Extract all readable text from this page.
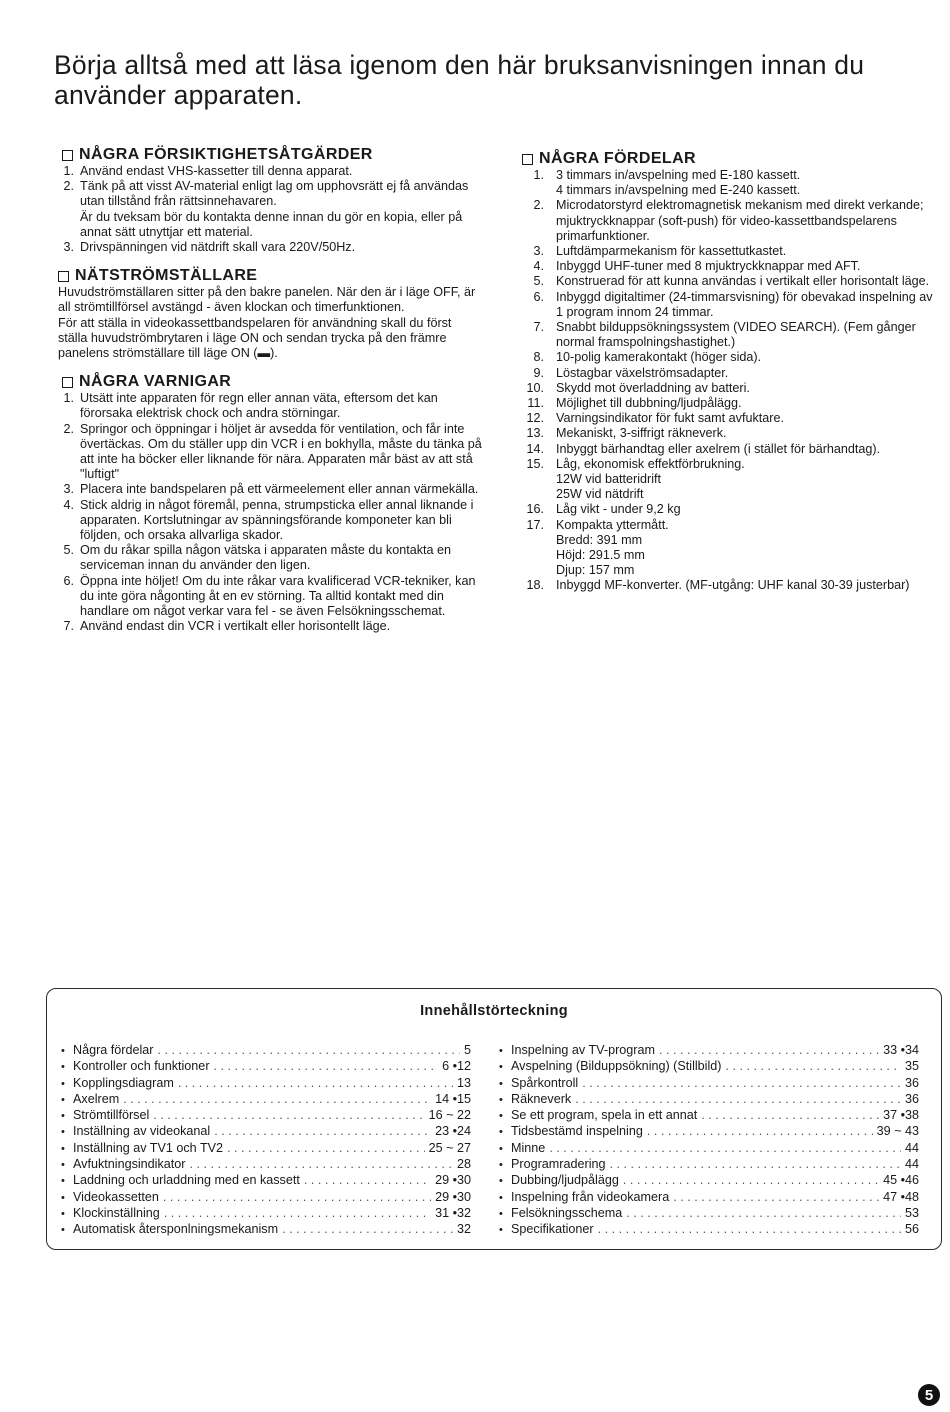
Börja alltså med att läsa igenom den här bruksanvisningen innan du använder apparaten.
NÅGRA FÖRSIKTIGHETSÅTGÄRDER
1. Använd endast VHS-kassetter till denna apparat.
2. Tänk på att visst AV-material enligt lag om upphovsrätt ej få användas utan tillstånd från rättsinnehavaren.
Är du tveksam bör du kontakta denne innan du gör en kopia, eller på annat sätt utnyttjar ett material.
3. Drivspänningen vid nätdrift skall vara 220V/50Hz.
NÄTSTRÖMSTÄLLARE

Huvudströmställaren sitter på den bakre panelen. När den är i läge OFF, är all strömtillförsel avstängd - även klockan och timerfunktionen.

För att ställa in videokassettbandspelaren för användning skall du först ställa huvudströmbrytaren i läge ON och sendan trycka på den främre panelens strömställare till läge ON (▬).

NÅGRA VARNIGAR
1. Utsätt inte apparaten för regn eller annan väta, eftersom det kan förorsaka elektrisk chock och andra störningar.
2. Springor och öppningar i höljet är avsedda för ventilation, och får inte övertäckas. Om du ställer upp din VCR i en bokhylla, måste du tänka på att inte ha böcker eller liknande för nära. Apparaten mår bäst av att stå "luftigt"
3. Placera inte bandspelaren på ett värmeelement eller annan värmekälla.
4. Stick aldrig in något föremål, penna, strumpsticka eller annal liknande i apparaten. Kortslutningar av spänningsförande komponeter kan bli följden, och orsaka allvarliga skador.
5. Om du råkar spilla någon vätska i apparaten måste du kontakta en serviceman innan du använder den ligen.
6. Öppna inte höljet! Om du inte råkar vara kvalificerad VCR-tekniker, kan du inte göra någonting åt en ev störning. Ta alltid kontakt med din handlare om något verkar vara fel - se även Felsökningsschemat.
7. Använd endast din VCR i vertikalt eller horisontellt läge.
NÅGRA FÖRDELAR
1. 3 timmars in/avspelning med E-180 kassett.
4 timmars in/avspelning med E-240 kassett.
2. Microdatorstyrd elektromagnetisk mekanism med direkt verkande; mjuktryckknappar (soft-push) för video-kassettbandspelarens primarfunktioner.
3. Luftdämparmekanism för kassettutkastet.
4. Inbyggd UHF-tuner med 8 mjuktryckknappar med AFT.
5. Konstruerad för att kunna användas i vertikalt eller horisontalt läge.
6. Inbyggd digitaltimer (24-timmarsvisning) för obevakad inspelning av 1 program innom 24 timmar.
7. Snabbt bilduppsökningssystem (VIDEO SEARCH). (Fem gånger normal framspolningshastighet.)
8. 10-polig kamerakontakt (höger sida).
9. Löstagbar växelströmsadapter.
10. Skydd mot överladdning av batteri.
11. Möjlighet till dubbning/ljudpålägg.
12. Varningsindikator för fukt samt avfuktare.
13. Mekaniskt, 3-siffrigt räkneverk.
14. Inbyggt bärhandtag eller axelrem (i stället för bärhandtag).
15. Låg, ekonomisk effektförbrukning.
12W vid batteridrift
25W vid nätdrift
16. Låg vikt - under 9,2 kg
17. Kompakta yttermått.
Bredd: 391 mm
Höjd: 291.5 mm
Djup: 157 mm
18. Inbyggd MF-konverter. (MF-utgång: UHF kanal 30-39 justerbar)
Innehållstörteckning
• Några fördelar . . .	5
• Kontroller och funktioner . . .	6 •12
• Kopplingsdiagram . . .	13
• Axelrem . . .	14 •15
• Strömtillförsel . . .	16 ~ 22
• Inställning av videokanal . . .	23 •24
• Inställning av TV1 och TV2 . . .	25 ~ 27
• Avfuktningsindikator . . .	28
• Laddning och urladdning med en kassett . . .	29 •30
• Videokassetten . . .	29 •30
• Klockinställning . . .	31 •32
• Automatisk återsponlningsmekanism . . .	32
• Inspelning av TV-program . . .	33 •34
• Avspelning (Bilduppsökning) (Stillbild) . . .	35
• Spårkontroll . . .	36
• Räkneverk . . .	36
• Se ett program, spela in ett annat . . .	37 •38
• Tidsbestämd inspelning . . .	39 ~ 43
• Minne . . .	44
• Programradering . . .	44
• Dubbing/ljudpålägg . . .	45 •46
• Inspelning från videokamera . . .	47 •48
• Felsökningsschema . . .	53
• Specifikationer . . .	56
5
